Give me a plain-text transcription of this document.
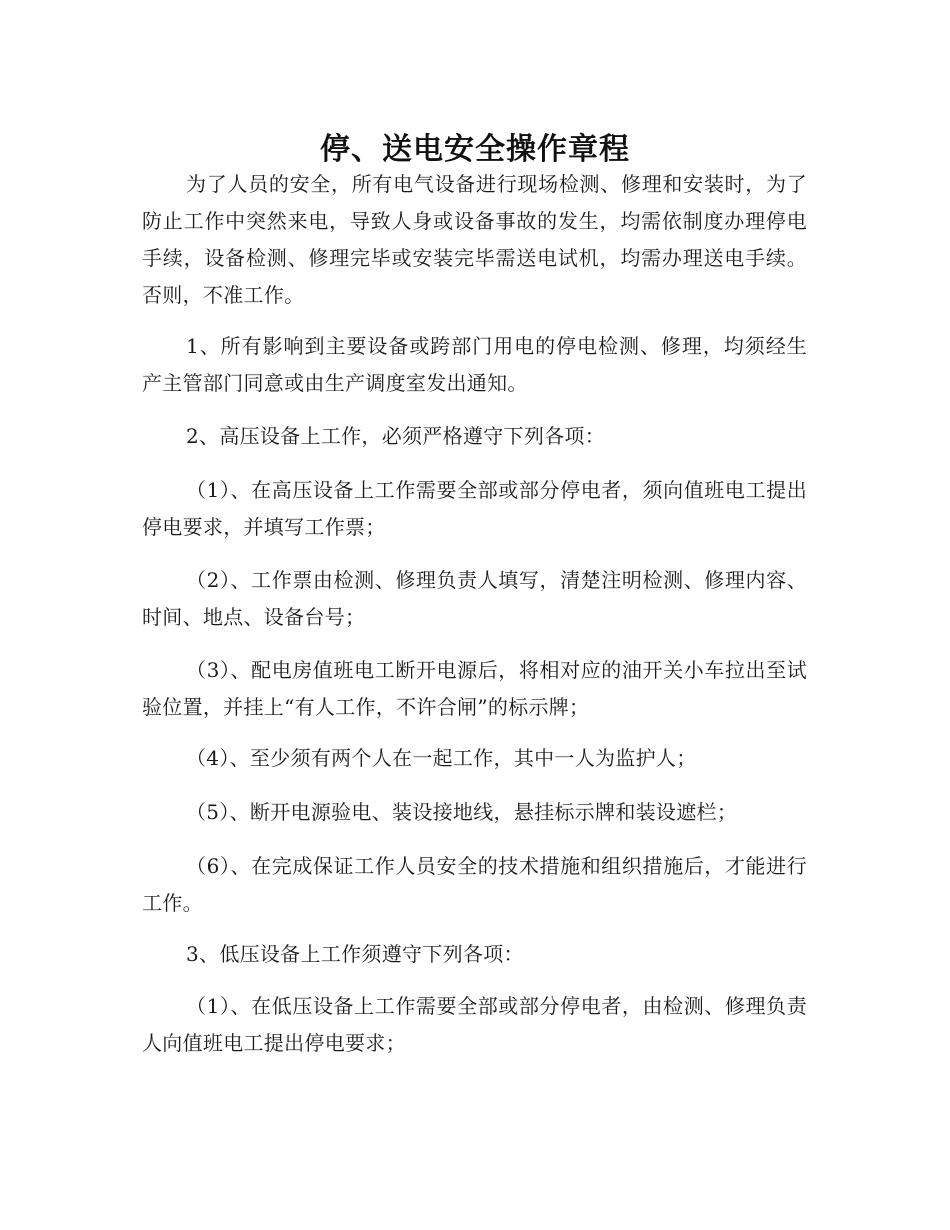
停、送电安全操作章程

为了人员的安全，所有电气设备进行现场检测、修理和安装时，为了防止工作中突然来电，导致人身或设备事故的发生，均需依制度办理停电手续，设备检测、修理完毕或安装完毕需送电试机，均需办理送电手续。否则，不准工作。

1、所有影响到主要设备或跨部门用电的停电检测、修理，均须经生产主管部门同意或由生产调度室发出通知。

2、高压设备上工作，必须严格遵守下列各项：

（1）、在高压设备上工作需要全部或部分停电者，须向值班电工提出停电要求，并填写工作票；

（2）、工作票由检测、修理负责人填写，清楚注明检测、修理内容、时间、地点、设备台号；

（3）、配电房值班电工断开电源后，将相对应的油开关小车拉出至试验位置，并挂上“有人工作，不许合闸”的标示牌；

（4）、至少须有两个人在一起工作，其中一人为监护人；

（5）、断开电源验电、装设接地线，悬挂标示牌和装设遮栏；

（6）、在完成保证工作人员安全的技术措施和组织措施后，才能进行工作。

3、低压设备上工作须遵守下列各项：

（1）、在低压设备上工作需要全部或部分停电者，由检测、修理负责人向值班电工提出停电要求；
